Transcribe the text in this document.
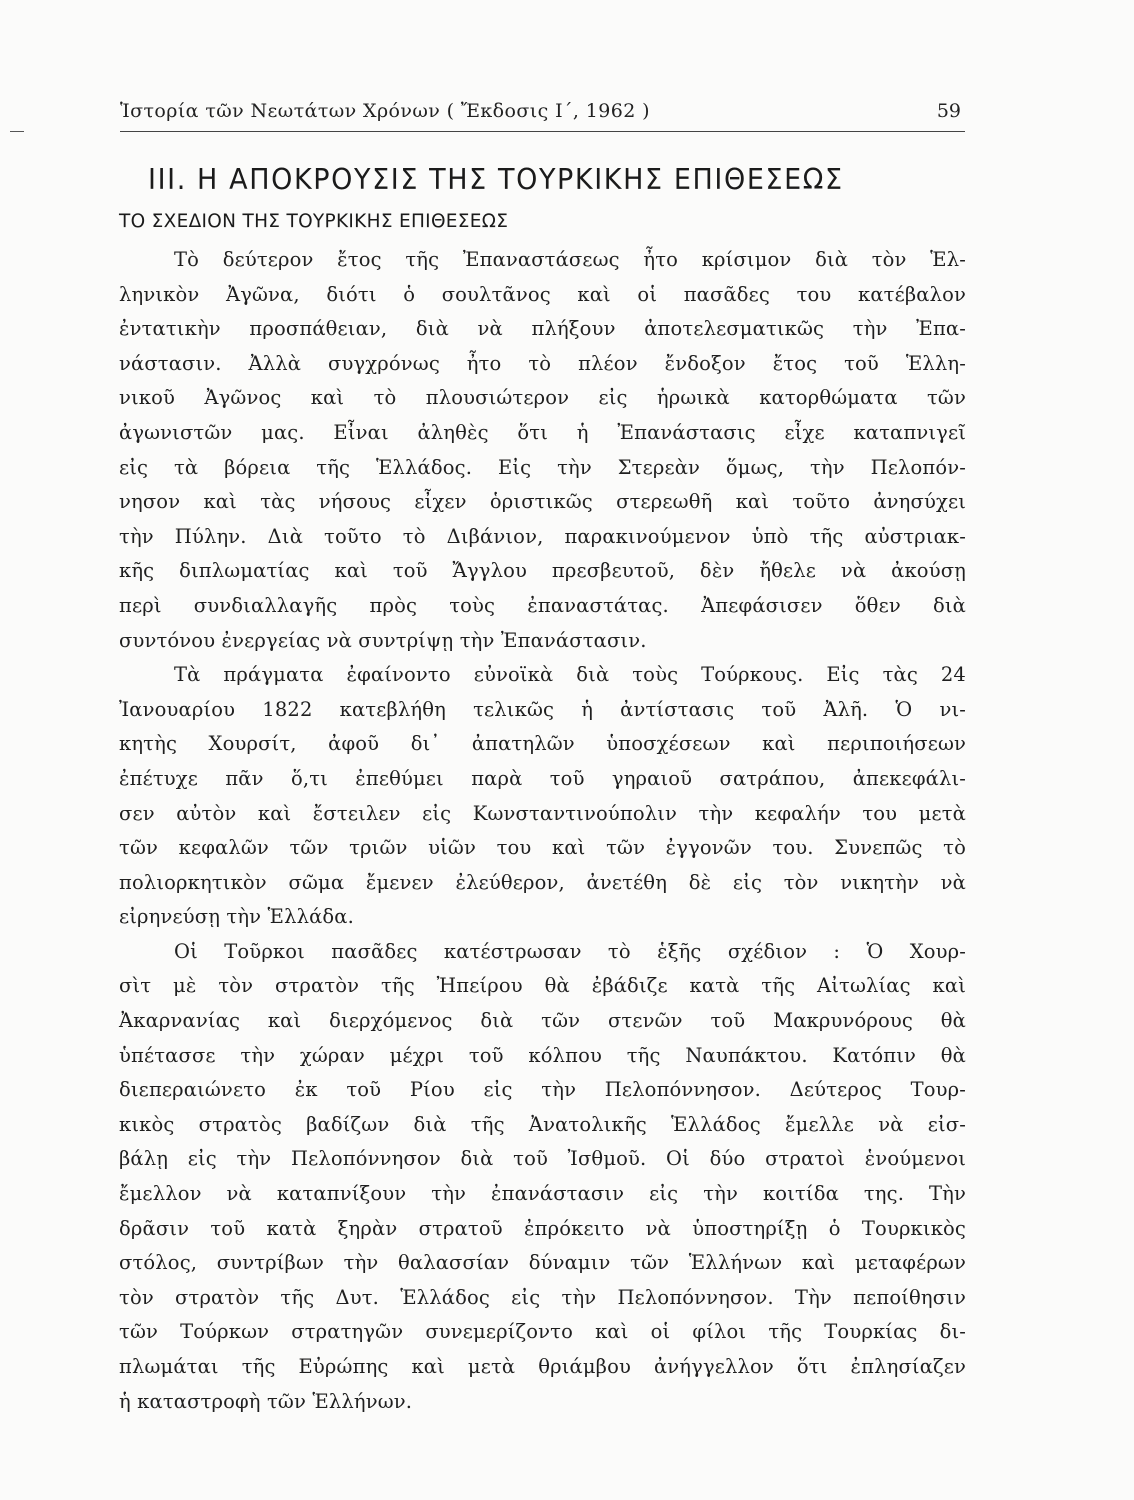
Ἱστορία τῶν Νεωτάτων Χρόνων ( Ἔκδοσις Ι΄, 1962 )	59
III. Η ΑΠΟΚΡΟΥΣΙΣ ΤΗΣ ΤΟΥΡΚΙΚΗΣ ΕΠΙΘΕΣΕΩΣ
ΤΟ ΣΧΕΔΙΟΝ ΤΗΣ ΤΟΥΡΚΙΚΗΣ ΕΠΙΘΕΣΕΩΣ
Τὸ δεύτερον ἔτος τῆς Ἐπαναστάσεως ἦτο κρίσιμον διὰ τὸν Ἑλ-
ληνικὸν Ἀγῶνα, διότι ὁ σουλτᾶνος καὶ οἱ πασᾶδες του κατέβαλον
ἐντατικὴν προσπάθειαν, διὰ νὰ πλήξουν ἀποτελεσματικῶς τὴν Ἐπα-
νάστασιν. Ἀλλὰ συγχρόνως ἦτο τὸ πλέον ἔνδοξον ἔτος τοῦ Ἑλλη-
νικοῦ Ἀγῶνος καὶ τὸ πλουσιώτερον εἰς ἡρωικὰ κατορθώματα τῶν
ἀγωνιστῶν μας. Εἶναι ἀληθὲς ὅτι ἡ Ἐπανάστασις εἶχε καταπνιγεῖ
εἰς τὰ βόρεια τῆς Ἑλλάδος. Εἰς τὴν Στερεὰν ὅμως, τὴν Πελοπόν-
νησον καὶ τὰς νήσους εἶχεν ὁριστικῶς στερεωθῆ καὶ τοῦτο ἀνησύχει
τὴν Πύλην. Διὰ τοῦτο τὸ Διβάνιον, παρακινούμενον ὑπὸ τῆς αὐστριακ-
κῆς διπλωματίας καὶ τοῦ Ἄγγλου πρεσβευτοῦ, δὲν ἤθελε νὰ ἀκούσῃ
περὶ συνδιαλλαγῆς πρὸς τοὺς ἐπαναστάτας. Ἀπεφάσισεν ὅθεν διὰ
συντόνου ἐνεργείας νὰ συντρίψῃ τὴν Ἐπανάστασιν.
Τὰ πράγματα ἐφαίνοντο εὐνοϊκὰ διὰ τοὺς Τούρκους. Εἰς τὰς 24
Ἰανουαρίου 1822 κατεβλήθη τελικῶς ἡ ἀντίστασις τοῦ Ἀλῆ. Ὁ νι-
κητὴς Χουρσίτ, ἀφοῦ δι᾽ ἀπατηλῶν ὑποσχέσεων καὶ περιποιήσεων
ἐπέτυχε πᾶν ὅ,τι ἐπεθύμει παρὰ τοῦ γηραιοῦ σατράπου, ἀπεκεφάλι-
σεν αὐτὸν καὶ ἔστειλεν εἰς Κωνσταντινούπολιν τὴν κεφαλήν του μετὰ
τῶν κεφαλῶν τῶν τριῶν υἱῶν του καὶ τῶν ἐγγονῶν του. Συνεπῶς τὸ
πολιορκητικὸν σῶμα ἔμενεν ἐλεύθερον, ἀνετέθη δὲ εἰς τὸν νικητὴν νὰ
εἰρηνεύσῃ τὴν Ἑλλάδα.
Οἱ Τοῦρκοι πασᾶδες κατέστρωσαν τὸ ἑξῆς σχέδιον : Ὁ Χουρ-
σὶτ μὲ τὸν στρατὸν τῆς Ἠπείρου θὰ ἐβάδιζε κατὰ τῆς Αἰτωλίας καὶ
Ἀκαρνανίας καὶ διερχόμενος διὰ τῶν στενῶν τοῦ Μακρυνόρους θὰ
ὑπέτασσε τὴν χώραν μέχρι τοῦ κόλπου τῆς Ναυπάκτου. Κατόπιν θὰ
διεπεραιώνετο ἐκ τοῦ Ρίου εἰς τὴν Πελοπόννησον. Δεύτερος Τουρ-
κικὸς στρατὸς βαδίζων διὰ τῆς Ἀνατολικῆς Ἑλλάδος ἔμελλε νὰ εἰσ-
βάλῃ εἰς τὴν Πελοπόννησον διὰ τοῦ Ἰσθμοῦ. Οἱ δύο στρατοὶ ἑνούμενοι
ἔμελλον νὰ καταπνίξουν τὴν ἐπανάστασιν εἰς τὴν κοιτίδα της. Τὴν
δρᾶσιν τοῦ κατὰ ξηρὰν στρατοῦ ἐπρόκειτο νὰ ὑποστηρίξῃ ὁ Τουρκικὸς
στόλος, συντρίβων τὴν θαλασσίαν δύναμιν τῶν Ἑλλήνων καὶ μεταφέρων
τὸν στρατὸν τῆς Δυτ. Ἑλλάδος εἰς τὴν Πελοπόννησον. Τὴν πεποίθησιν
τῶν Τούρκων στρατηγῶν συνεμερίζοντο καὶ οἱ φίλοι τῆς Τουρκίας δι-
πλωμάται τῆς Εὐρώπης καὶ μετὰ θριάμβου ἀνήγγελλον ὅτι ἐπλησίαζεν
ἡ καταστροφὴ τῶν Ἑλλήνων.
